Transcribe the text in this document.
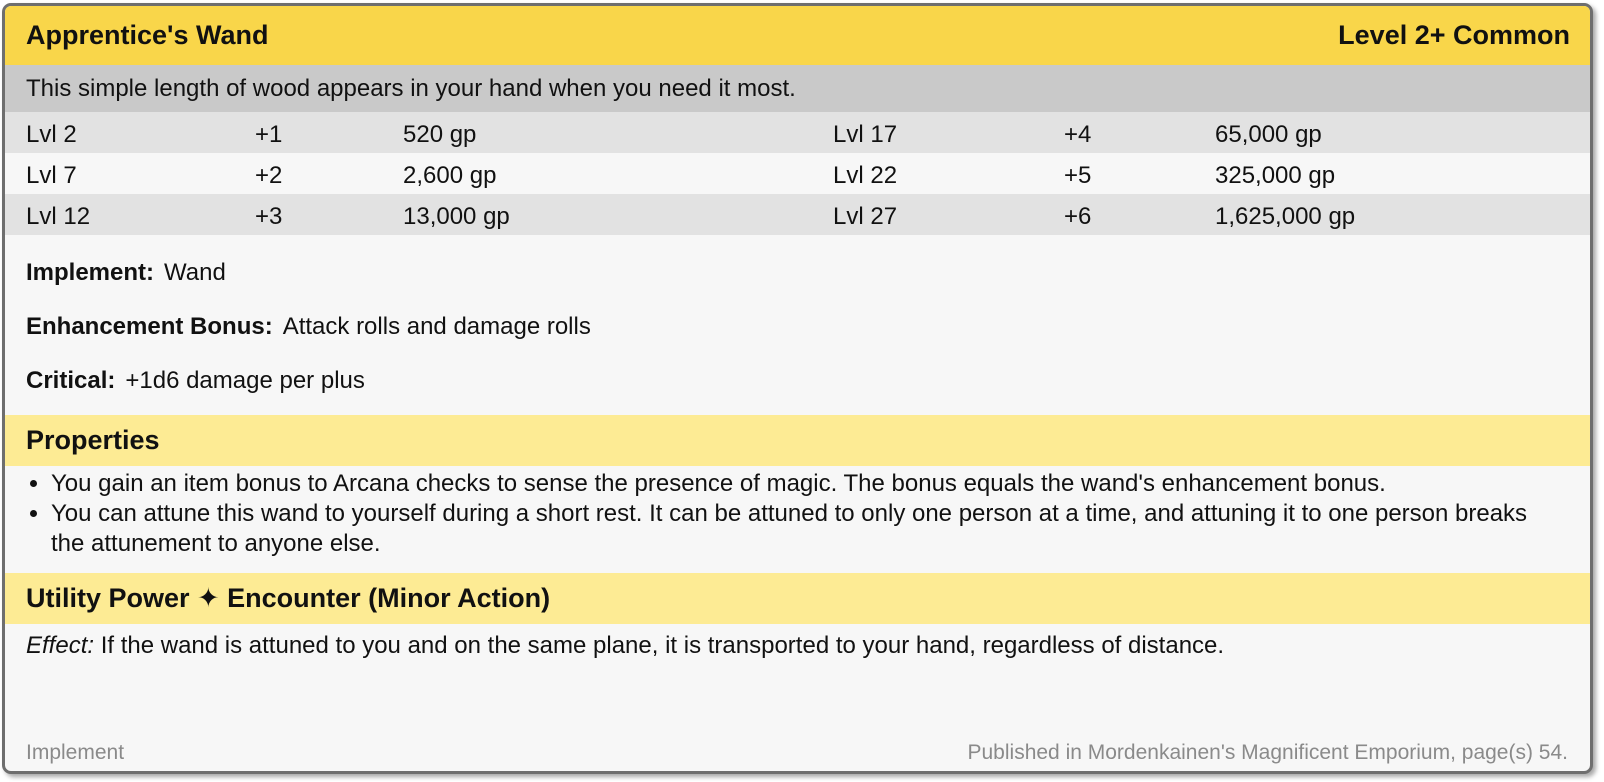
Apprentice's Wand	Level 2+ Common
This simple length of wood appears in your hand when you need it most.
Lvl 2	+1	520 gp	Lvl 17	+4	65,000 gp
Lvl 7	+2	2,600 gp	Lvl 22	+5	325,000 gp
Lvl 12	+3	13,000 gp	Lvl 27	+6	1,625,000 gp
Implement: Wand
Enhancement Bonus: Attack rolls and damage rolls
Critical: +1d6 damage per plus
Properties
• You gain an item bonus to Arcana checks to sense the presence of magic. The bonus equals the wand's enhancement bonus.
• You can attune this wand to yourself during a short rest. It can be attuned to only one person at a time, and attuning it to one person breaks the attunement to anyone else.
Utility Power ✦ Encounter (Minor Action)
Effect: If the wand is attuned to you and on the same plane, it is transported to your hand, regardless of distance.
Implement	Published in Mordenkainen's Magnificent Emporium, page(s) 54.
